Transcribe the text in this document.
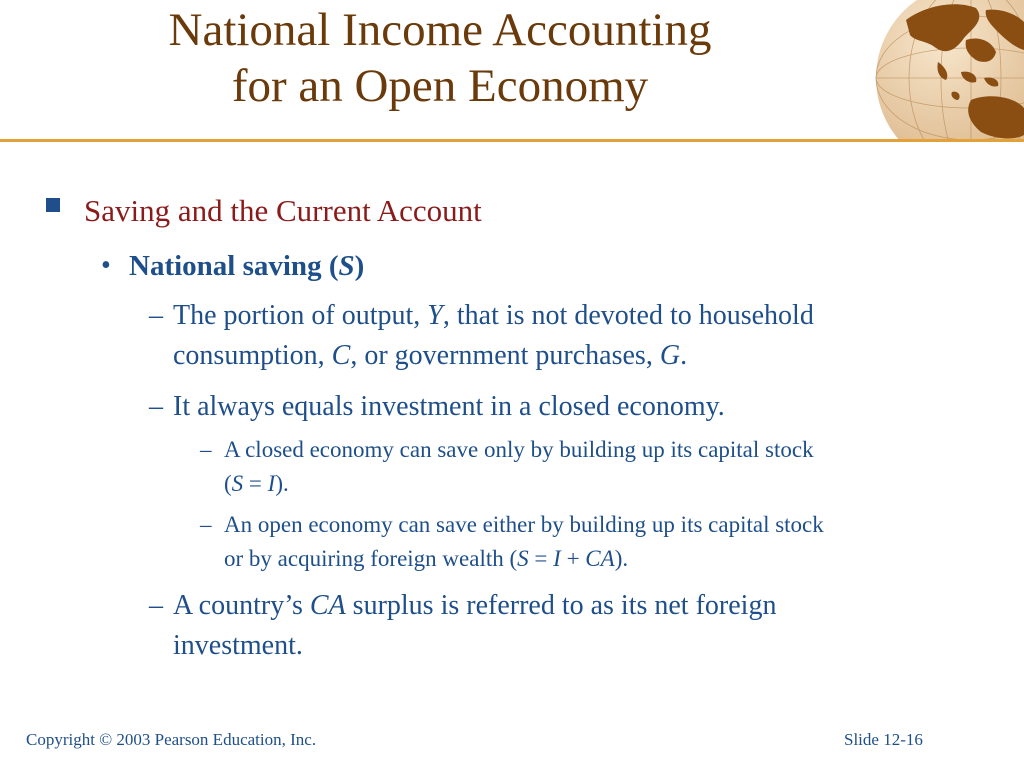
National Income Accounting
for an Open Economy
Saving and the Current Account
• National saving (S)
– The portion of output, Y, that is not devoted to household
consumption, C, or government purchases, G.
– It always equals investment in a closed economy.
– A closed economy can save only by building up its capital stock
(S = I).
– An open economy can save either by building up its capital stock
or by acquiring foreign wealth (S = I + CA).
– A country’s CA surplus is referred to as its net foreign
investment.
Copyright © 2003 Pearson Education, Inc.	Slide 12-16
